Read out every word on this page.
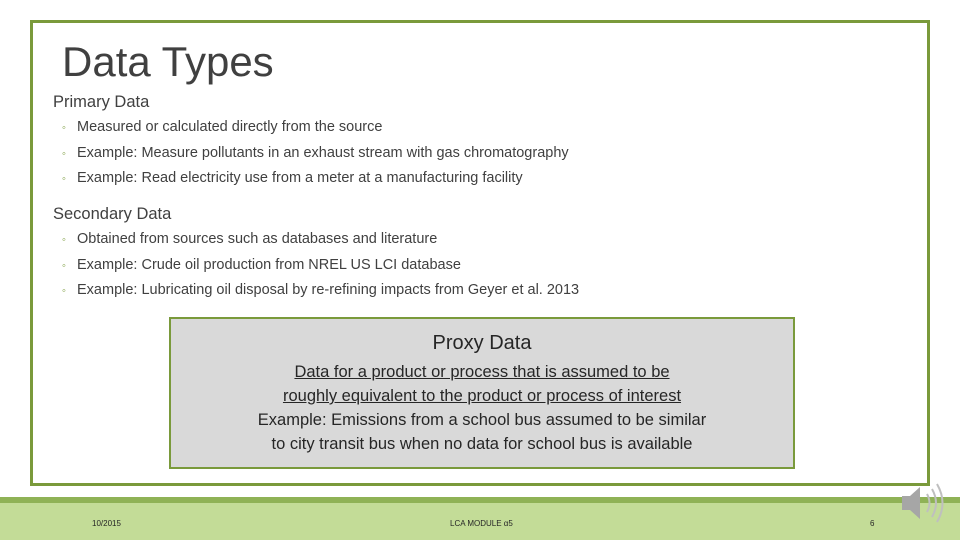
Data Types
Primary Data
◦ Measured or calculated directly from the source
◦ Example: Measure pollutants in an exhaust stream with gas chromatography
◦ Example: Read electricity use from a meter at a manufacturing facility
Secondary Data
◦ Obtained from sources such as databases and literature
◦ Example: Crude oil production from NREL US LCI database
◦ Example: Lubricating oil disposal by re-refining impacts from Geyer et al. 2013
Proxy Data
Data for a product or process that is assumed to be
roughly equivalent to the product or process of interest
Example: Emissions from a school bus assumed to be similar
to city transit bus when no data for school bus is available
10/2015	LCA MODULE α5	6
